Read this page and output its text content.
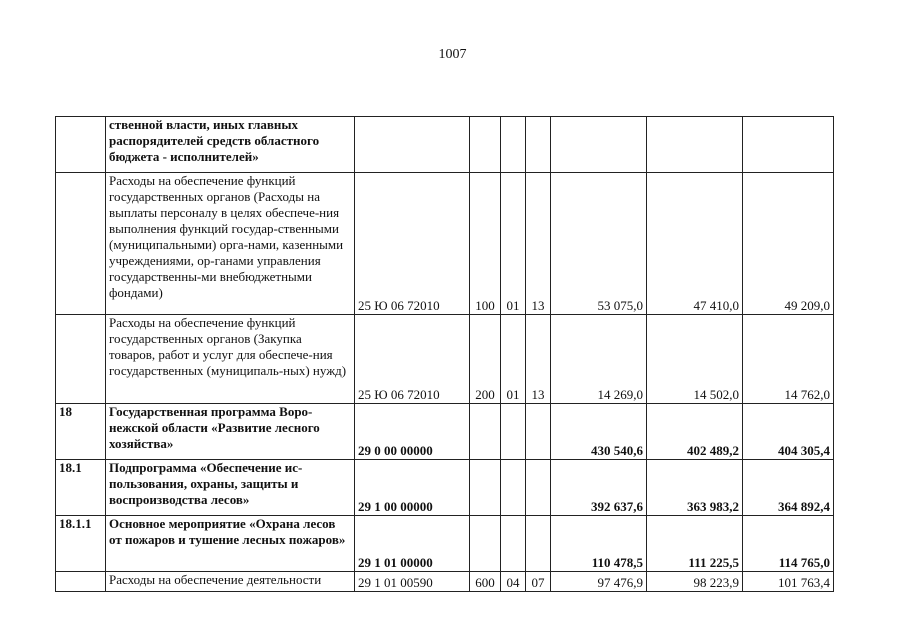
1007
	ственной власти, иных главных распорядителей средств областного бюджета - исполнителей»							
	Расходы на обеспечение функций государственных органов (Расходы на выплаты персоналу в целях обеспече-ния выполнения функций государ-ственными (муниципальными) орга-нами, казенными учреждениями, ор-ганами управления государственны-ми внебюджетными фондами)	25 Ю 06 72010	100	01	13	53 075,0	47 410,0	49 209,0
	Расходы на обеспечение функций государственных органов (Закупка товаров, работ и услуг для обеспече-ния государственных (муниципаль-ных) нужд)	25 Ю 06 72010	200	01	13	14 269,0	14 502,0	14 762,0
18	Государственная программа Воро-нежской области «Развитие лесного хозяйства»	29 0 00 00000				430 540,6	402 489,2	404 305,4
18.1	Подпрограмма «Обеспечение ис-пользования, охраны, защиты и воспроизводства лесов»	29 1 00 00000				392 637,6	363 983,2	364 892,4
18.1.1	Основное мероприятие «Охрана лесов от пожаров и тушение лесных пожаров»	29 1 01 00000				110 478,5	111 225,5	114 765,0
	Расходы на обеспечение деятельности	29 1 01 00590	600	04	07	97 476,9	98 223,9	101 763,4
